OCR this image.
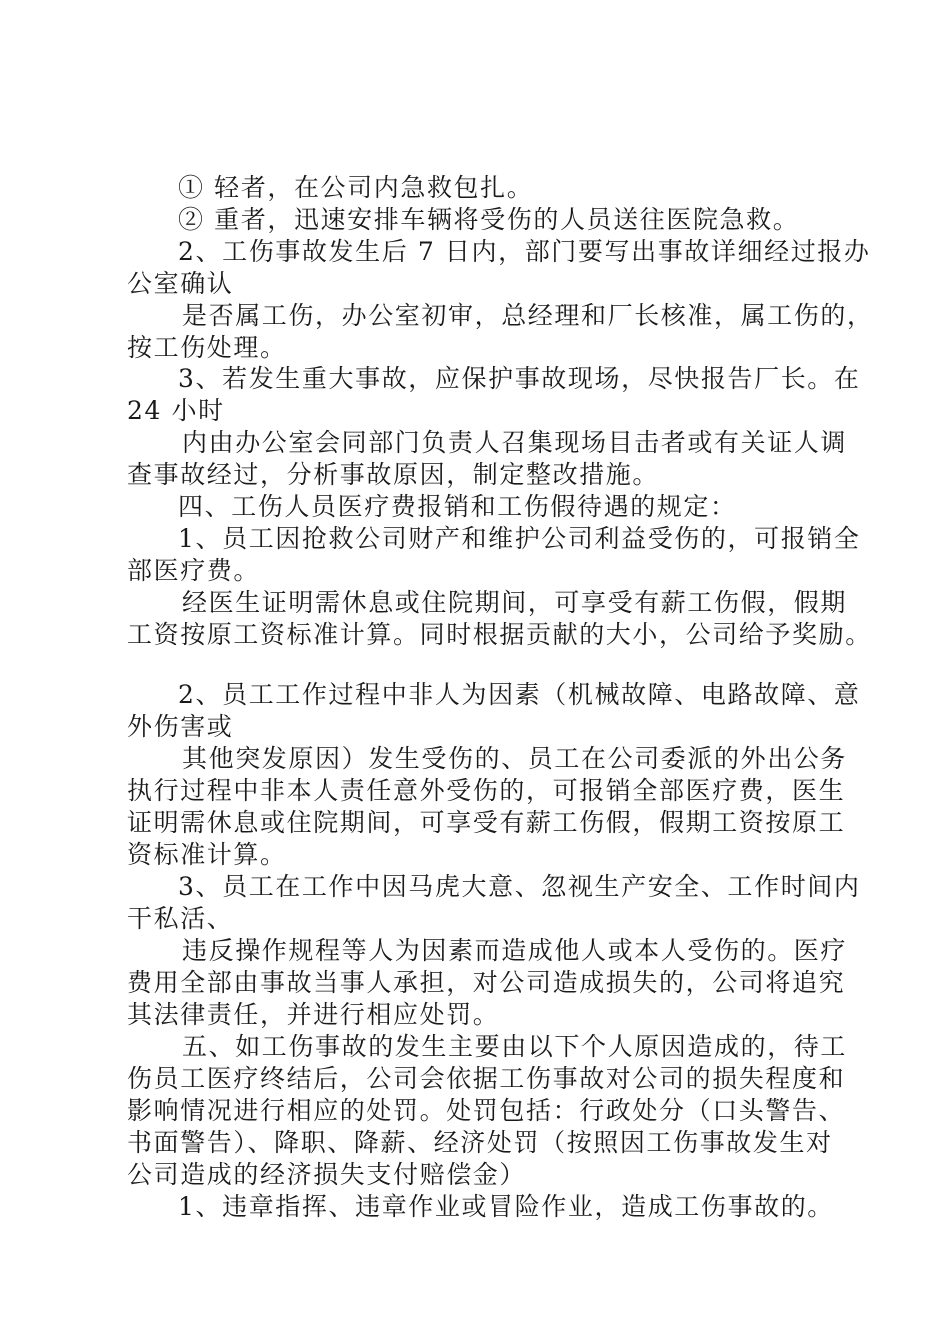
① 轻者，在公司内急救包扎。
② 重者，迅速安排车辆将受伤的人员送往医院急救。
2、工伤事故发生后 7 日内，部门要写出事故详细经过报办
公室确认
是否属工伤，办公室初审，总经理和厂长核准，属工伤的，
按工伤处理。
3、若发生重大事故，应保护事故现场，尽快报告厂长。在
24 小时
内由办公室会同部门负责人召集现场目击者或有关证人调
查事故经过，分析事故原因，制定整改措施。
四、工伤人员医疗费报销和工伤假待遇的规定：
1、员工因抢救公司财产和维护公司利益受伤的，可报销全
部医疗费。
经医生证明需休息或住院期间，可享受有薪工伤假，假期
工资按原工资标准计算。同时根据贡献的大小，公司给予奖励。
2、员工工作过程中非人为因素（机械故障、电路故障、意
外伤害或
其他突发原因）发生受伤的、员工在公司委派的外出公务
执行过程中非本人责任意外受伤的，可报销全部医疗费，医生
证明需休息或住院期间，可享受有薪工伤假，假期工资按原工
资标准计算。
3、员工在工作中因马虎大意、忽视生产安全、工作时间内
干私活、
违反操作规程等人为因素而造成他人或本人受伤的。医疗
费用全部由事故当事人承担，对公司造成损失的，公司将追究
其法律责任，并进行相应处罚。
五、如工伤事故的发生主要由以下个人原因造成的，待工
伤员工医疗终结后，公司会依据工伤事故对公司的损失程度和
影响情况进行相应的处罚。处罚包括：行政处分（口头警告、
书面警告）、降职、降薪、经济处罚（按照因工伤事故发生对
公司造成的经济损失支付赔偿金）
1、违章指挥、违章作业或冒险作业，造成工伤事故的。
